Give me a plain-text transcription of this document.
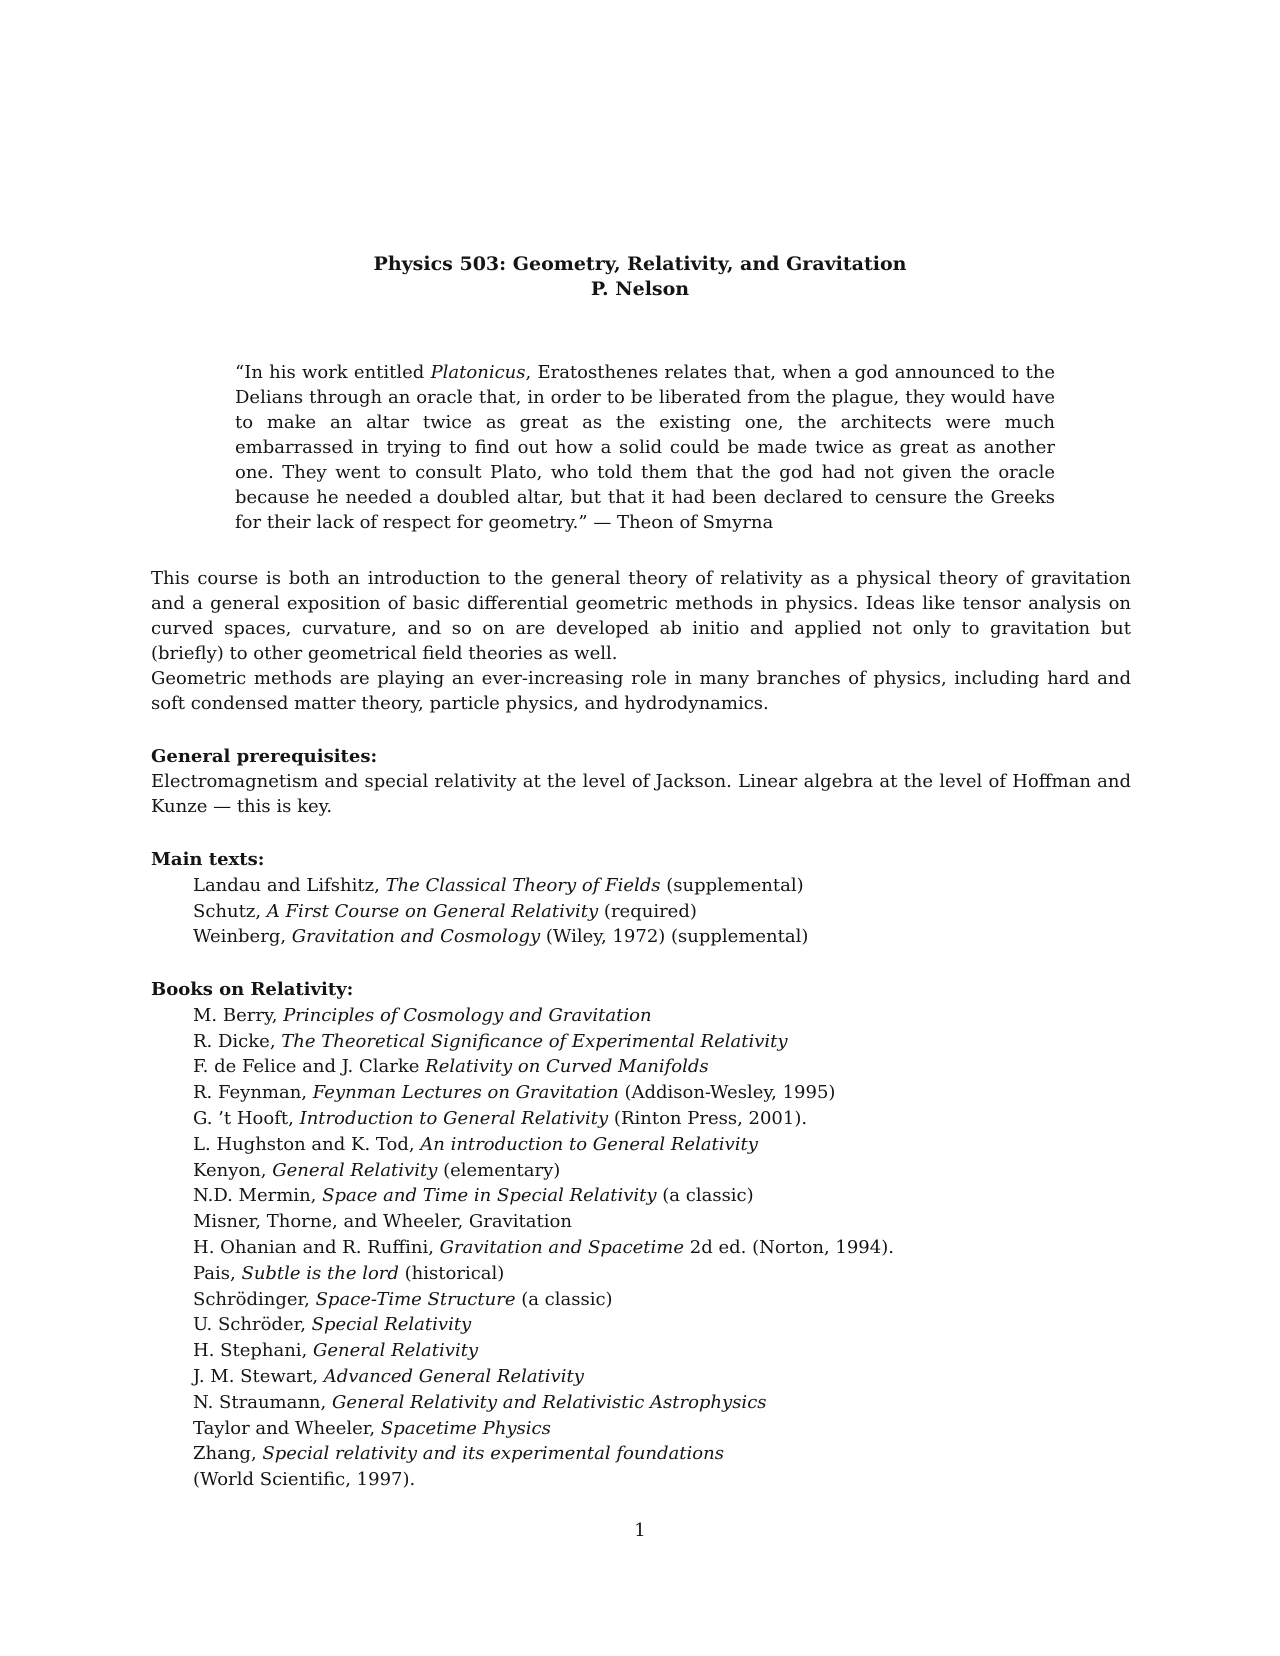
Physics 503: Geometry, Relativity, and Gravitation
P. Nelson
“In his work entitled Platonicus, Eratosthenes relates that, when a god announced to the Delians through an oracle that, in order to be liberated from the plague, they would have to make an altar twice as great as the existing one, the architects were much embarrassed in trying to find out how a solid could be made twice as great as another one. They went to consult Plato, who told them that the god had not given the oracle because he needed a doubled altar, but that it had been declared to censure the Greeks for their lack of respect for geometry.” — Theon of Smyrna

This course is both an introduction to the general theory of relativity as a physical theory of gravitation and a general exposition of basic differential geometric methods in physics. Ideas like tensor analysis on curved spaces, curvature, and so on are developed ab initio and applied not only to gravitation but (briefly) to other geometrical field theories as well.

Geometric methods are playing an ever-increasing role in many branches of physics, including hard and soft condensed matter theory, particle physics, and hydrodynamics.

General prerequisites:

Electromagnetism and special relativity at the level of Jackson. Linear algebra at the level of Hoffman and Kunze — this is key.

Main texts:

Landau and Lifshitz, The Classical Theory of Fields (supplemental)
Schutz, A First Course on General Relativity (required)
Weinberg, Gravitation and Cosmology (Wiley, 1972) (supplemental)

Books on Relativity:

M. Berry, Principles of Cosmology and Gravitation
R. Dicke, The Theoretical Significance of Experimental Relativity
F. de Felice and J. Clarke Relativity on Curved Manifolds
R. Feynman, Feynman Lectures on Gravitation (Addison-Wesley, 1995)
G. ’t Hooft, Introduction to General Relativity (Rinton Press, 2001).
L. Hughston and K. Tod, An introduction to General Relativity
Kenyon, General Relativity (elementary)
N.D. Mermin, Space and Time in Special Relativity (a classic)
Misner, Thorne, and Wheeler, Gravitation
H. Ohanian and R. Ruffini, Gravitation and Spacetime 2d ed. (Norton, 1994).
Pais, Subtle is the lord (historical)
Schrödinger, Space-Time Structure (a classic)
U. Schröder, Special Relativity
H. Stephani, General Relativity
J. M. Stewart, Advanced General Relativity
N. Straumann, General Relativity and Relativistic Astrophysics
Taylor and Wheeler, Spacetime Physics
Zhang, Special relativity and its experimental foundations
(World Scientific, 1997).
1
